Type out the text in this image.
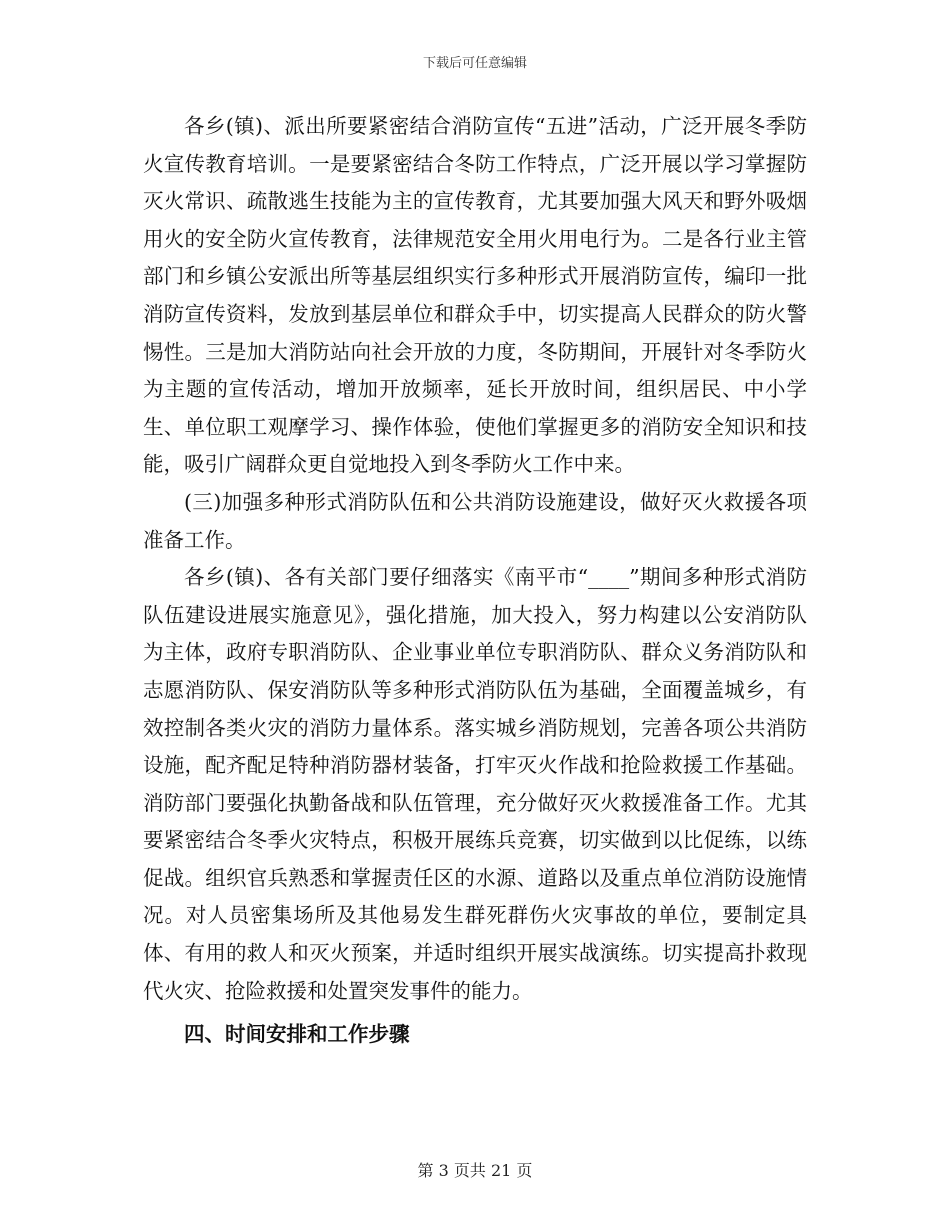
下载后可任意编辑

各乡(镇)、派出所要紧密结合消防宣传“五进”活动，广泛开展冬季防火宣传教育培训。一是要紧密结合冬防工作特点，广泛开展以学习掌握防灭火常识、疏散逃生技能为主的宣传教育，尤其要加强大风天和野外吸烟用火的安全防火宣传教育，法律规范安全用火用电行为。二是各行业主管部门和乡镇公安派出所等基层组织实行多种形式开展消防宣传，编印一批消防宣传资料，发放到基层单位和群众手中，切实提高人民群众的防火警惕性。三是加大消防站向社会开放的力度，冬防期间，开展针对冬季防火为主题的宣传活动，增加开放频率，延长开放时间，组织居民、中小学生、单位职工观摩学习、操作体验，使他们掌握更多的消防安全知识和技能，吸引广阔群众更自觉地投入到冬季防火工作中来。

(三)加强多种形式消防队伍和公共消防设施建设，做好灭火救援各项准备工作。

各乡(镇)、各有关部门要仔细落实《南平市“____”期间多种形式消防队伍建设进展实施意见》，强化措施，加大投入，努力构建以公安消防队为主体，政府专职消防队、企业事业单位专职消防队、群众义务消防队和志愿消防队、保安消防队等多种形式消防队伍为基础，全面覆盖城乡，有效控制各类火灾的消防力量体系。落实城乡消防规划，完善各项公共消防设施，配齐配足特种消防器材装备，打牢灭火作战和抢险救援工作基础。消防部门要强化执勤备战和队伍管理，充分做好灭火救援准备工作。尤其要紧密结合冬季火灾特点，积极开展练兵竞赛，切实做到以比促练，以练促战。组织官兵熟悉和掌握责任区的水源、道路以及重点单位消防设施情况。对人员密集场所及其他易发生群死群伤火灾事故的单位，要制定具体、有用的救人和灭火预案，并适时组织开展实战演练。切实提高扑救现代火灾、抢险救援和处置突发事件的能力。

四、时间安排和工作步骤

第 3 页共 21 页
